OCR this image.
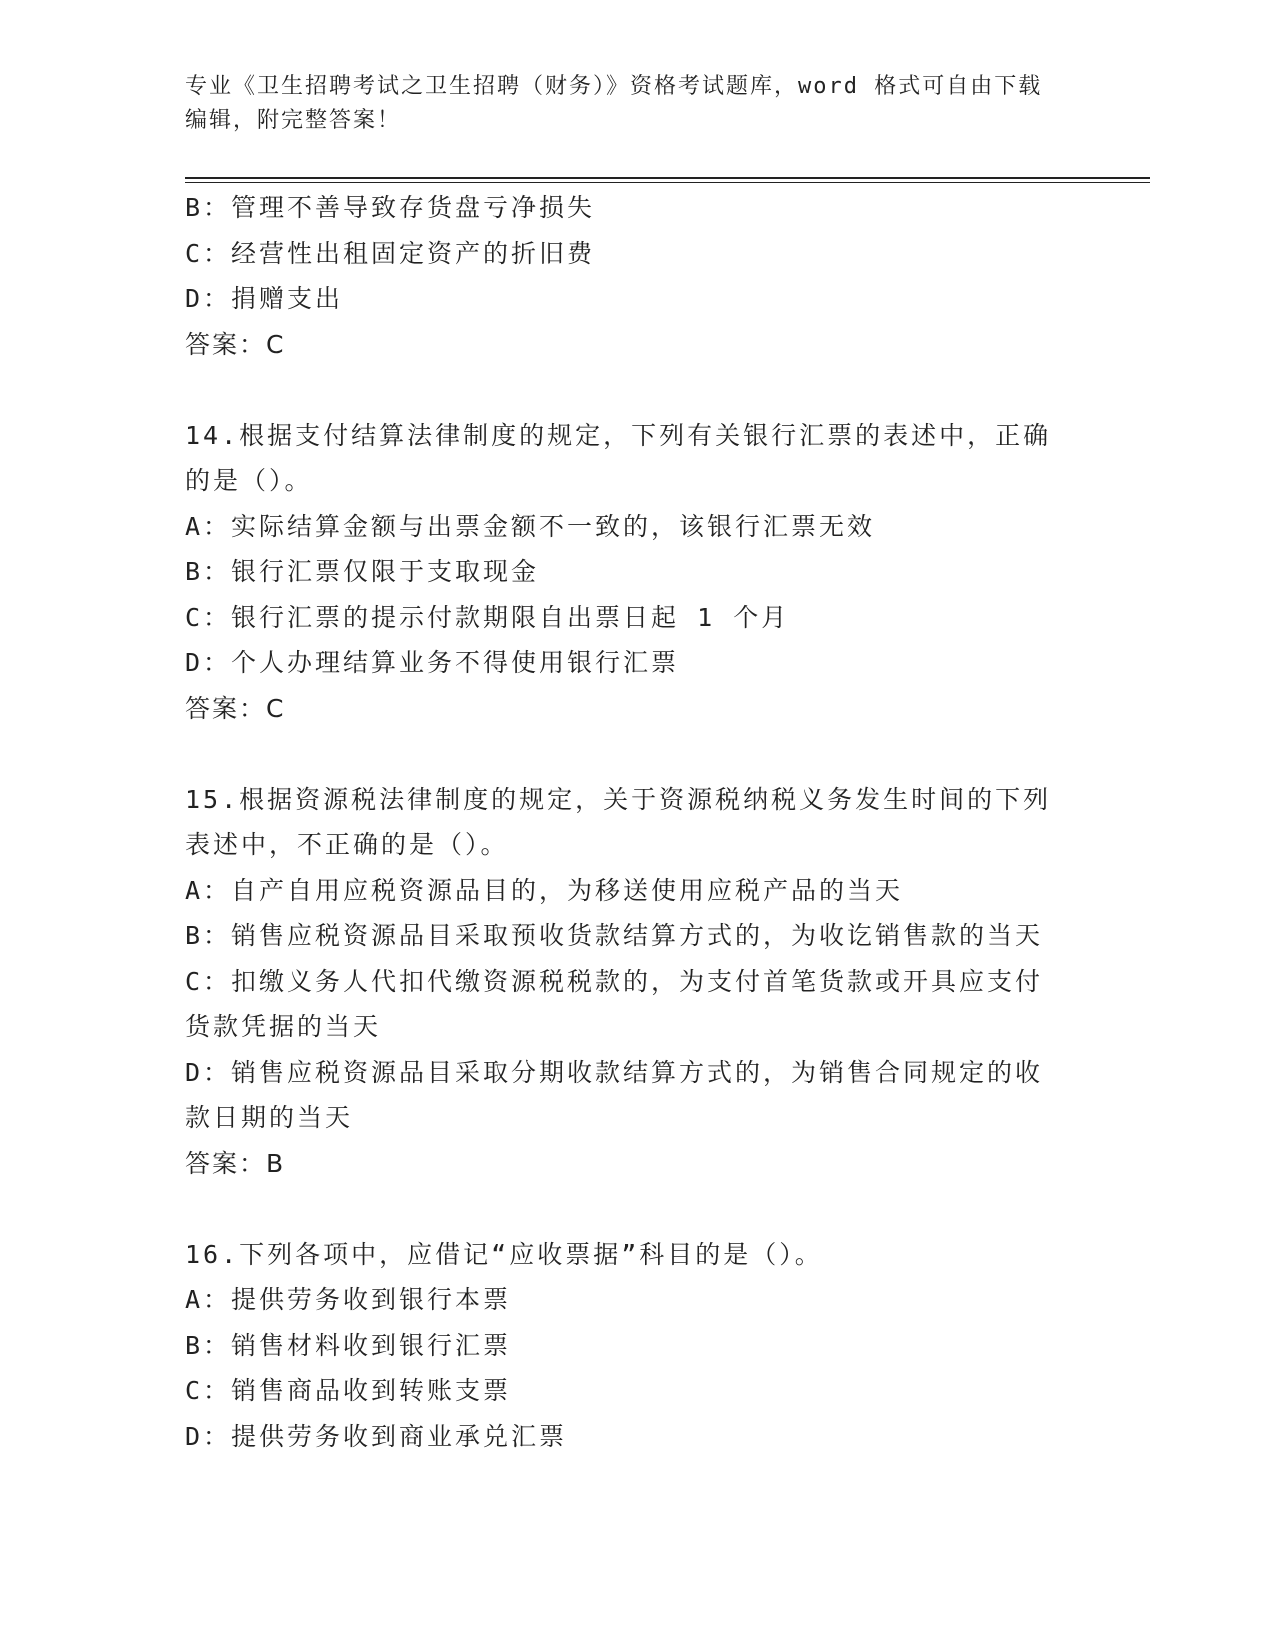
专业《卫生招聘考试之卫生招聘（财务）》资格考试题库，word 格式可自由下载
编辑，附完整答案！
B：管理不善导致存货盘亏净损失
C：经营性出租固定资产的折旧费
D：捐赠支出
答案：C
14.根据支付结算法律制度的规定，下列有关银行汇票的表述中，正确
的是（）。
A：实际结算金额与出票金额不一致的，该银行汇票无效
B：银行汇票仅限于支取现金
C：银行汇票的提示付款期限自出票日起 1 个月
D：个人办理结算业务不得使用银行汇票
答案：C
15.根据资源税法律制度的规定，关于资源税纳税义务发生时间的下列
表述中，不正确的是（）。
A：自产自用应税资源品目的，为移送使用应税产品的当天
B：销售应税资源品目采取预收货款结算方式的，为收讫销售款的当天
C：扣缴义务人代扣代缴资源税税款的，为支付首笔货款或开具应支付
货款凭据的当天
D：销售应税资源品目采取分期收款结算方式的，为销售合同规定的收
款日期的当天
答案：B
16.下列各项中，应借记“应收票据”科目的是（）。
A：提供劳务收到银行本票
B：销售材料收到银行汇票
C：销售商品收到转账支票
D：提供劳务收到商业承兑汇票
